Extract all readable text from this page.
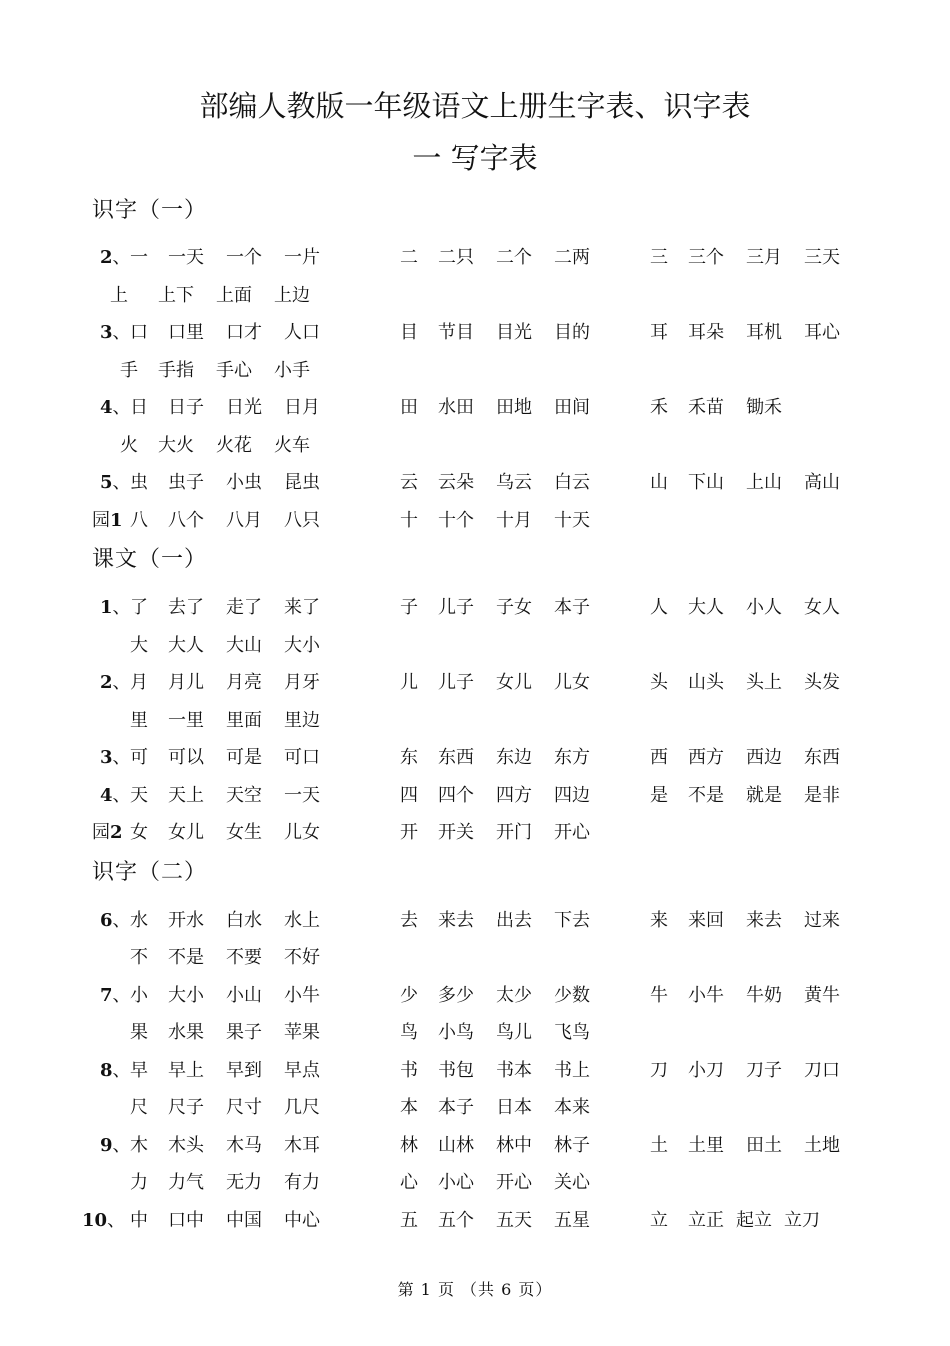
部编人教版一年级语文上册生字表、识字表
一 写字表
识字（一）
2、 一 一天 一个 一片	二 二只 二个 二两	三 三个 三月 三天
上 上下 上面 上边
3、 口 口里 口才 人口	目 节目 目光 目的	耳 耳朵 耳机 耳心
手 手指 手心 小手
4、 日 日子 日光 日月	田 水田 田地 田间	禾 禾苗 锄禾
火 大火 火花 火车
5、 虫 虫子 小虫 昆虫	云 云朵 乌云 白云	山 下山 上山 高山
园1 八 八个 八月 八只	十 十个 十月 十天
课文（一）
1、 了 去了 走了 来了	子 儿子 子女 本子	人 大人 小人 女人
大 大人 大山 大小
2、 月 月儿 月亮 月牙	儿 儿子 女儿 儿女	头 山头 头上 头发
里 一里 里面 里边
3、 可 可以 可是 可口	东 东西 东边 东方	西 西方 西边 东西
4、 天 天上 天空 一天	四 四个 四方 四边	是 不是 就是 是非
园2 女 女儿 女生 儿女	开 开关 开门 开心
识字（二）
6、 水 开水 白水 水上	去 来去 出去 下去	来 来回 来去 过来
不 不是 不要 不好
7、 小 大小 小山 小牛	少 多少 太少 少数	牛 小牛 牛奶 黄牛
果 水果 果子 苹果	鸟 小鸟 鸟儿 飞鸟
8、 早 早上 早到 早点	书 书包 书本 书上	刀 小刀 刀子 刀口
尺 尺子 尺寸 几尺	本 本子 日本 本来
9、 木 木头 木马 木耳	林 山林 林中 林子	土 土里 田土 土地
力 力气 无力 有力	心 小心 开心 关心
10、 中 口中 中国 中心	五 五个 五天 五星	立 立正 起立 立刀
第 1 页 （共 6 页）
